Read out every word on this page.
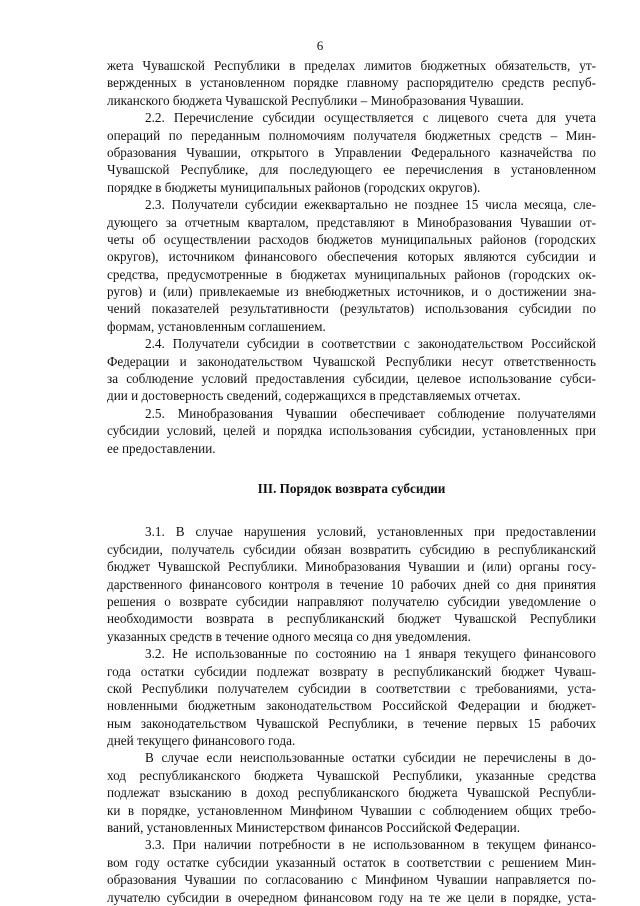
6
жета Чувашской Республики в пределах лимитов бюджетных обязательств, ут-
вержденных в установленном порядке главному распорядителю средств респуб-
ликанского бюджета Чувашской Республики – Минобразования Чувашии.
2.2. Перечисление субсидии осуществляется с лицевого счета для учета
операций по переданным полномочиям получателя бюджетных средств – Мин-
образования Чувашии, открытого в Управлении Федерального казначейства по
Чувашской Республике, для последующего ее перечисления в установленном
порядке в бюджеты муниципальных районов (городских округов).
2.3. Получатели субсидии ежеквартально не позднее 15 числа месяца, сле-
дующего за отчетным кварталом, представляют в Минобразования Чувашии от-
четы об осуществлении расходов бюджетов муниципальных районов (городских
округов), источником финансового обеспечения которых являются субсидии и
средства, предусмотренные в бюджетах муниципальных районов (городских ок-
ругов) и (или) привлекаемые из внебюджетных источников, и о достижении зна-
чений показателей результативности (результатов) использования субсидии по
формам, установленным соглашением.
2.4. Получатели субсидии в соответствии с законодательством Российской
Федерации и законодательством Чувашской Республики несут ответственность
за соблюдение условий предоставления субсидии, целевое использование субси-
дии и достоверность сведений, содержащихся в представляемых отчетах.
2.5. Минобразования Чувашии обеспечивает соблюдение получателями
субсидии условий, целей и порядка использования субсидии, установленных при
ее предоставлении.
III. Порядок возврата субсидии
3.1. В случае нарушения условий, установленных при предоставлении
субсидии, получатель субсидии обязан возвратить субсидию в республиканский
бюджет Чувашской Республики. Минобразования Чувашии и (или) органы госу-
дарственного финансового контроля в течение 10 рабочих дней со дня принятия
решения о возврате субсидии направляют получателю субсидии уведомление о
необходимости возврата в республиканский бюджет Чувашской Республики
указанных средств в течение одного месяца со дня уведомления.
3.2. Не использованные по состоянию на 1 января текущего финансового
года остатки субсидии подлежат возврату в республиканский бюджет Чуваш-
ской Республики получателем субсидии в соответствии с требованиями, уста-
новленными бюджетным законодательством Российской Федерации и бюджет-
ным законодательством Чувашской Республики, в течение первых 15 рабочих
дней текущего финансового года.
В случае если неиспользованные остатки субсидии не перечислены в до-
ход республиканского бюджета Чувашской Республики, указанные средства
подлежат взысканию в доход республиканского бюджета Чувашской Республи-
ки в порядке, установленном Минфином Чувашии с соблюдением общих требо-
ваний, установленных Министерством финансов Российской Федерации.
3.3. При наличии потребности в не использованном в текущем финансо-
вом году остатке субсидии указанный остаток в соответствии с решением Мин-
образования Чувашии по согласованию с Минфином Чувашии направляется по-
лучателю субсидии в очередном финансовом году на те же цели в порядке, уста-
